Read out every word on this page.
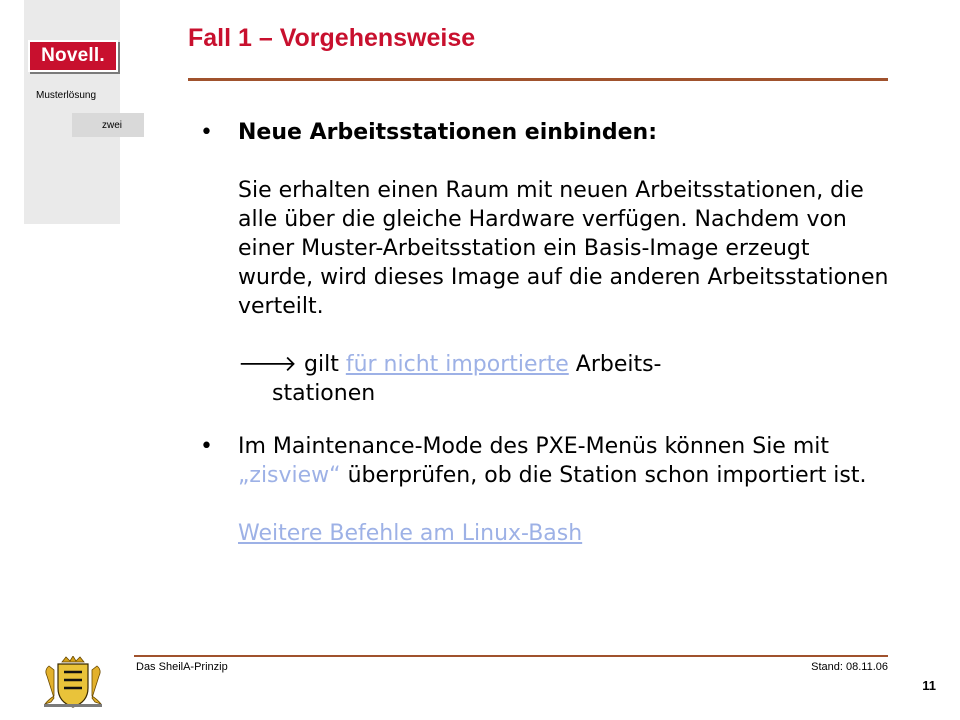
Novell.
Musterlösung
zwei
Fall 1 – Vorgehensweise
•	Neue Arbeitsstationen einbinden:
Sie erhalten einen Raum mit neuen Arbeitsstationen, die alle über die gleiche Hardware verfügen. Nachdem von einer Muster-Arbeitsstation ein Basis-Image erzeugt wurde, wird dieses Image auf die anderen Arbeitsstationen verteilt.
🡒 gilt für nicht importierte Arbeits-
stationen
•	Im Maintenance-Mode des PXE-Menüs können Sie mit „zisview“ überprüfen, ob die Station schon importiert ist.
Weitere Befehle am Linux-Bash
Das SheilA-Prinzip	Stand: 08.11.06
11
